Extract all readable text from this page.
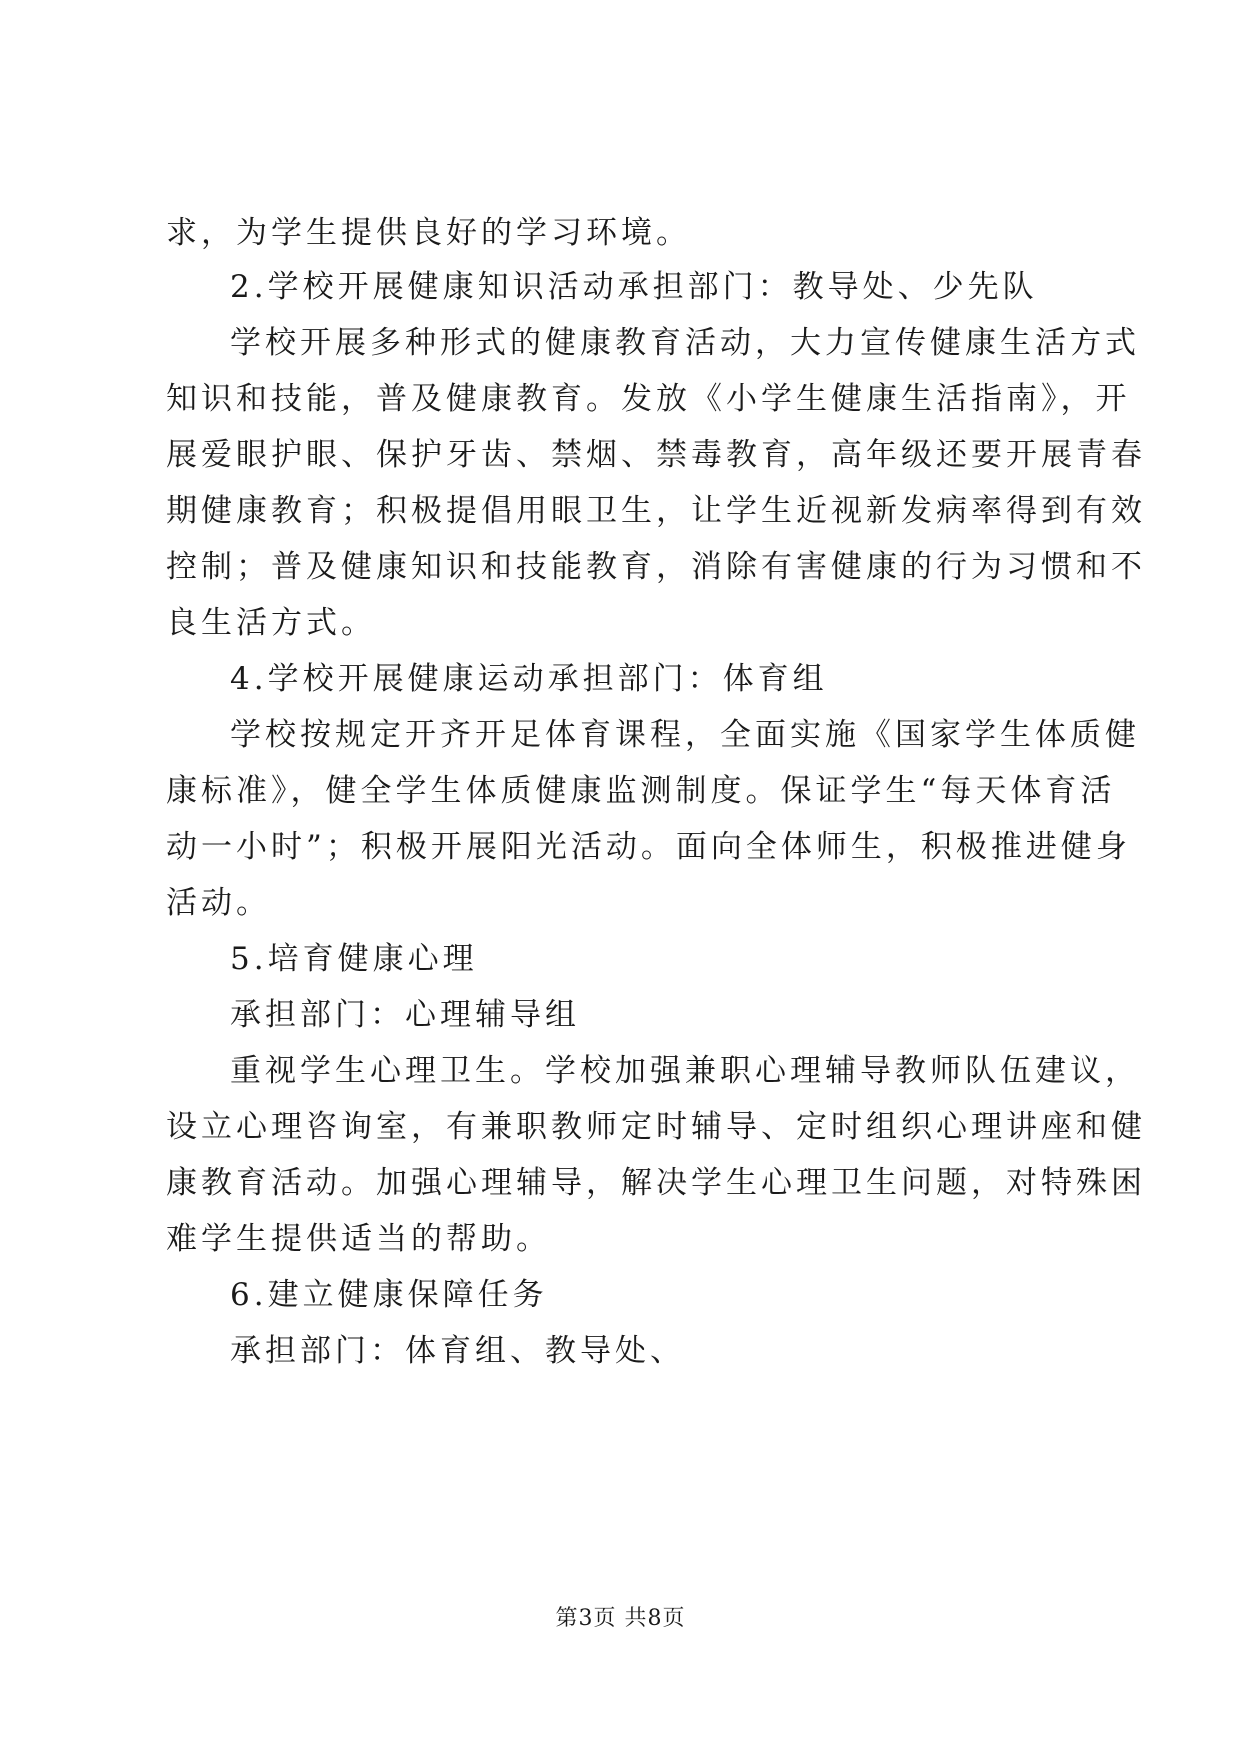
求，为学生提供良好的学习环境。
2.学校开展健康知识活动承担部门：教导处、少先队
学校开展多种形式的健康教育活动，大力宣传健康生活方式
知识和技能，普及健康教育。发放《小学生健康生活指南》，开
展爱眼护眼、保护牙齿、禁烟、禁毒教育，高年级还要开展青春
期健康教育；积极提倡用眼卫生，让学生近视新发病率得到有效
控制；普及健康知识和技能教育，消除有害健康的行为习惯和不
良生活方式。
4.学校开展健康运动承担部门：体育组
学校按规定开齐开足体育课程，全面实施《国家学生体质健
康标准》，健全学生体质健康监测制度。保证学生“每天体育活
动一小时”；积极开展阳光活动。面向全体师生，积极推进健身
活动。
5.培育健康心理
承担部门：心理辅导组
重视学生心理卫生。学校加强兼职心理辅导教师队伍建议，
设立心理咨询室，有兼职教师定时辅导、定时组织心理讲座和健
康教育活动。加强心理辅导，解决学生心理卫生问题，对特殊困
难学生提供适当的帮助。
6.建立健康保障任务
承担部门：体育组、教导处、
第3页 共8页
